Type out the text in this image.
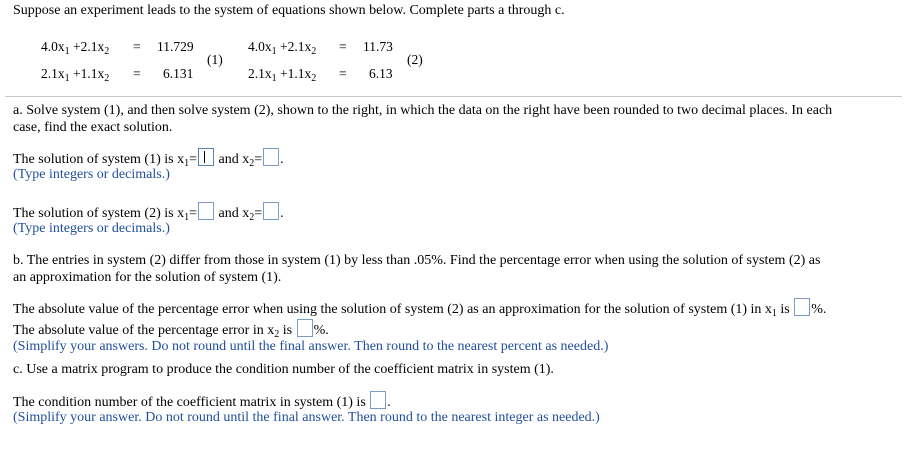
Suppose an experiment leads to the system of equations shown below. Complete parts a through c.
$4.0x_1 +2.1x_2 = 11.729$
$2.1x_1 +1.1x_2 = 6.131$
(1)
$4.0x_1 +2.1x_2 = 11.73$
$2.1x_1 +1.1x_2 = 6.13$
(2)
a. Solve system (1), and then solve system (2), shown to the right, in which the data on the right have been rounded to two decimal places. In each
case, find the exact solution.
The solution of system (1) is $x_1=$ and $x_2=$ .
(Type integers or decimals.)
The solution of system (2) is $x_1=$ and $x_2=$ .
(Type integers or decimals.)
b. The entries in system (2) differ from those in system (1) by less than .05%. Find the percentage error when using the solution of system (2) as
an approximation for the solution of system (1).
The absolute value of the percentage error when using the solution of system (2) as an approximation for the solution of system (1) in $x_1$ is %.
The absolute value of the percentage error in $x_2$ is %.
(Simplify your answers. Do not round until the final answer. Then round to the nearest percent as needed.)
c. Use a matrix program to produce the condition number of the coefficient matrix in system (1).
The condition number of the coefficient matrix in system (1) is .
(Simplify your answer. Do not round until the final answer. Then round to the nearest integer as needed.)
